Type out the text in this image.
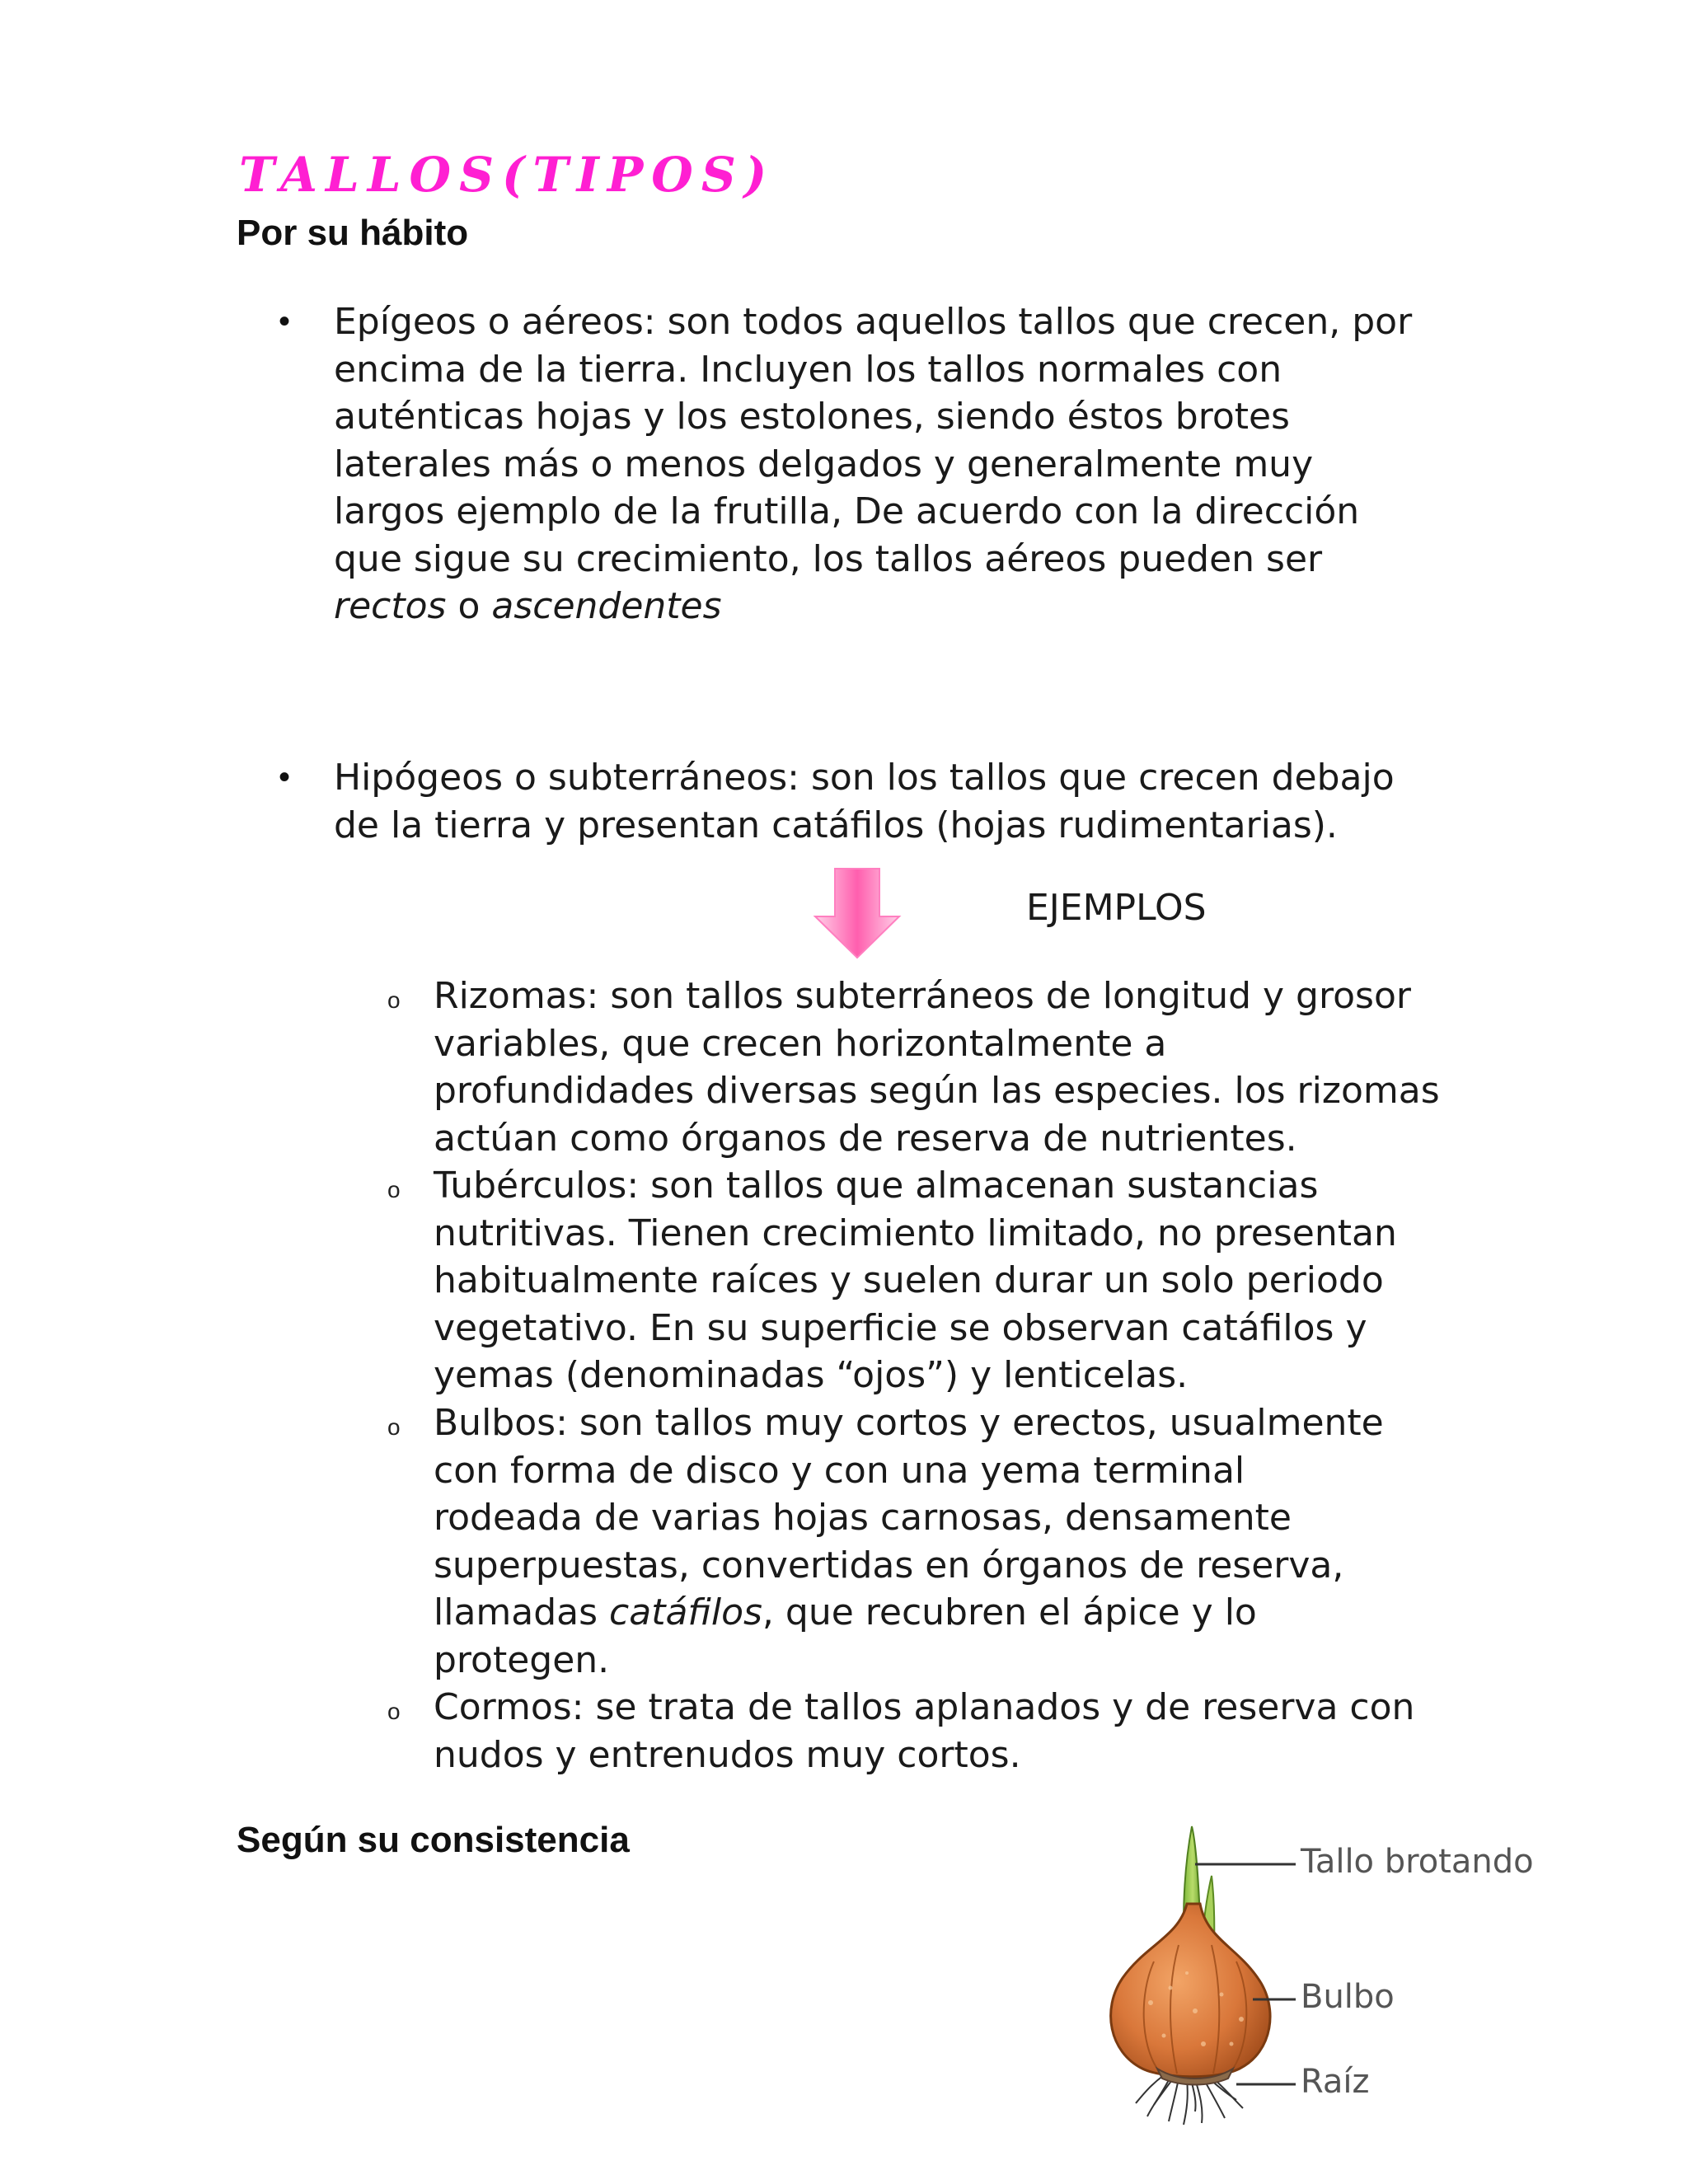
TALLOS(TIPOS)
Por su hábito
• Epígeos o aéreos: son todos aquellos tallos que crecen, por
encima de la tierra. Incluyen los tallos normales con
auténticas hojas y los estolones, siendo éstos brotes
laterales más o menos delgados y generalmente muy
largos ejemplo de la frutilla, De acuerdo con la dirección
que sigue su crecimiento, los tallos aéreos pueden ser
rectos o ascendentes
• Hipógeos o subterráneos: son los tallos que crecen debajo
de la tierra y presentan catáfilos (hojas rudimentarias).
EJEMPLOS
o Rizomas: son tallos subterráneos de longitud y grosor
variables, que crecen horizontalmente a
profundidades diversas según las especies. los rizomas
actúan como órganos de reserva de nutrientes.
o Tubérculos: son tallos que almacenan sustancias
nutritivas. Tienen crecimiento limitado, no presentan
habitualmente raíces y suelen durar un solo periodo
vegetativo. En su superficie se observan catáfilos y
yemas (denominadas “ojos”) y lenticelas.
o Bulbos: son tallos muy cortos y erectos, usualmente
con forma de disco y con una yema terminal
rodeada de varias hojas carnosas, densamente
superpuestas, convertidas en órganos de reserva,
llamadas catáfilos, que recubren el ápice y lo
protegen.
o Cormos: se trata de tallos aplanados y de reserva con
nudos y entrenudos muy cortos.
Según su consistencia
Tallo brotando
Bulbo
Raíz
